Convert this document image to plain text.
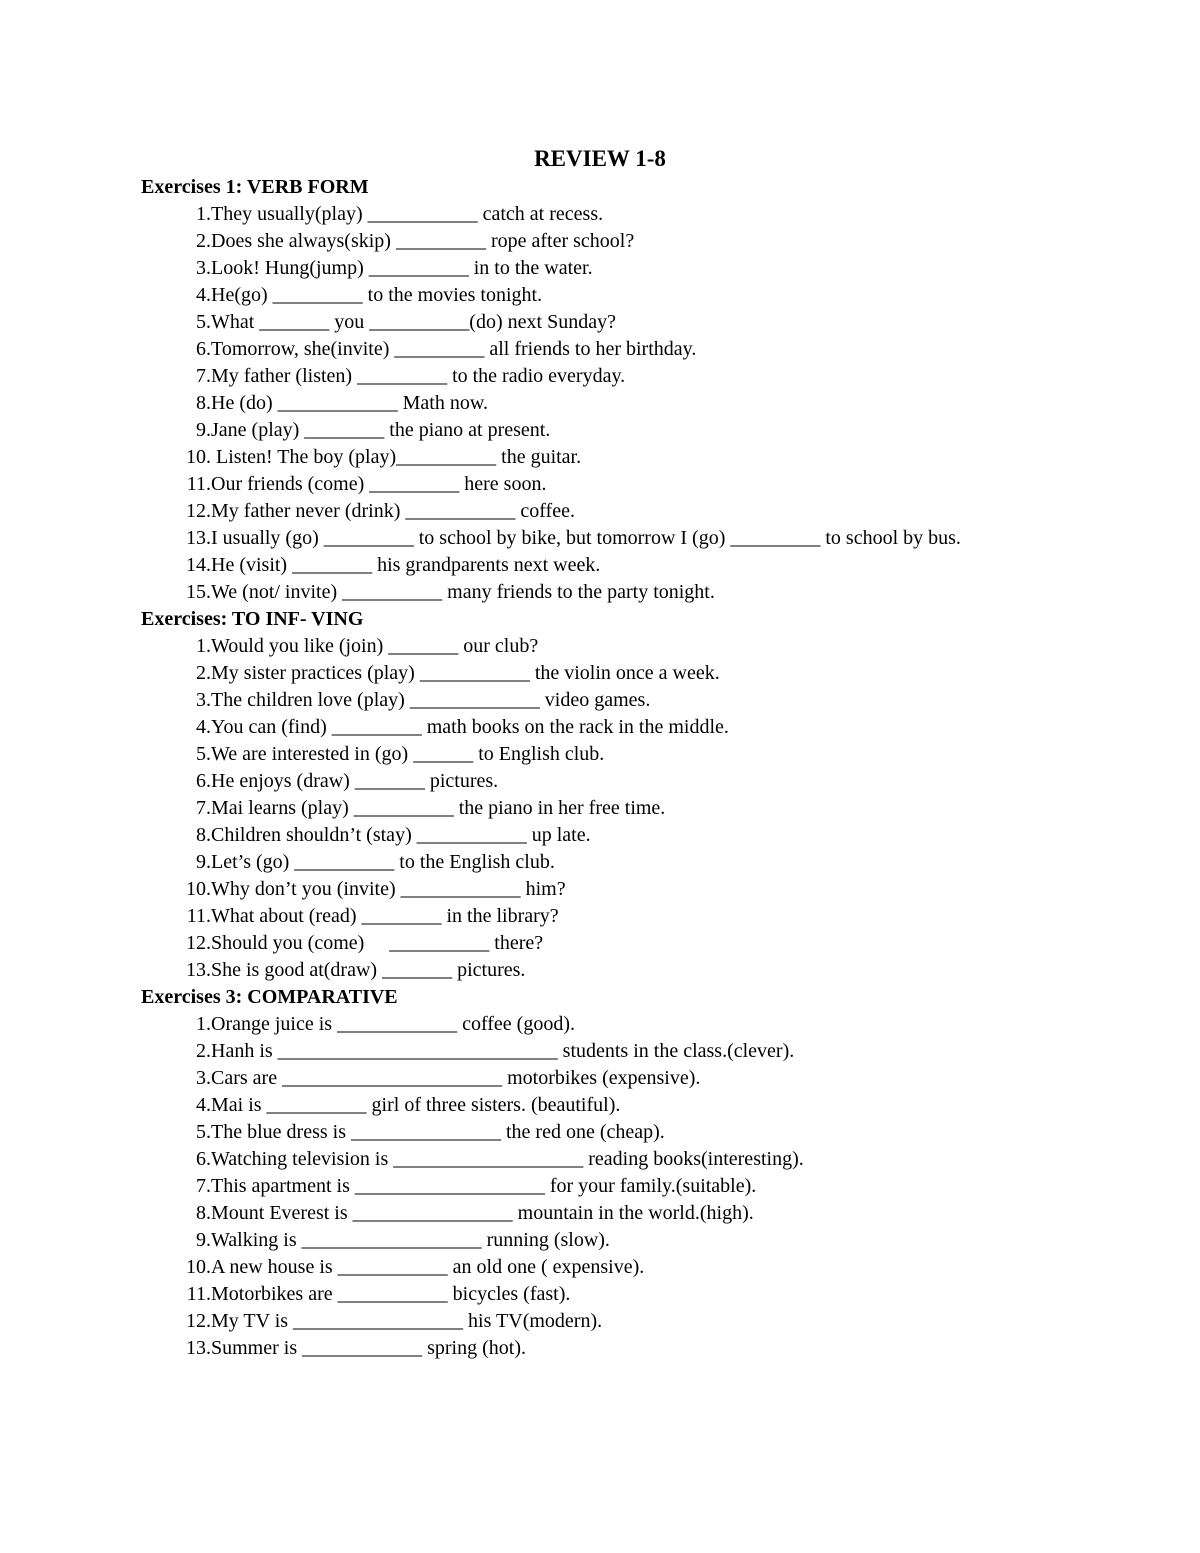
REVIEW 1-8
Exercises 1: VERB FORM
1. They usually(play) ___________ catch at recess.
2. Does she always(skip) _________ rope after school?
3. Look! Hung(jump) __________ in to the water.
4. He(go) _________ to the movies tonight.
5. What _______ you __________(do) next Sunday?
6. Tomorrow, she(invite) _________ all friends to her birthday.
7. My father (listen) _________ to the radio everyday.
8. He (do) ____________ Math now.
9. Jane (play) ________ the piano at present.
10. Listen! The boy (play)__________ the guitar.
11. Our friends (come) _________ here soon.
12. My father never (drink) ___________ coffee.
13. I usually (go) _________ to school by bike, but tomorrow I (go) _________ to school by bus.
14. He (visit) ________ his grandparents next week.
15. We (not/ invite) __________ many friends to the party tonight.
Exercises: TO INF- VING
1. Would you like (join) _______ our club?
2. My sister practices (play) ___________ the violin once a week.
3. The children love (play) _____________ video games.
4. You can (find) _________ math books on the rack in the middle.
5. We are interested in (go) ______ to English club.
6. He enjoys (draw) _______ pictures.
7. Mai learns (play) __________ the piano in her free time.
8. Children shouldn’t (stay) ___________ up late.
9. Let’s (go) __________ to the English club.
10. Why don’t you (invite) ____________ him?
11. What about (read) ________ in the library?
12. Should you (come)     __________ there?
13. She is good at(draw) _______ pictures.
Exercises 3: COMPARATIVE
1. Orange juice is ____________ coffee (good).
2. Hanh is ____________________________ students in the class.(clever).
3. Cars are ______________________ motorbikes (expensive).
4. Mai is __________ girl of three sisters. (beautiful).
5. The blue dress is _______________ the red one (cheap).
6. Watching television is ___________________ reading books(interesting).
7. This apartment is ___________________ for your family.(suitable).
8. Mount Everest is ________________ mountain in the world.(high).
9. Walking is __________________ running (slow).
10. A new house is ___________ an old one ( expensive).
11. Motorbikes are ___________ bicycles (fast).
12. My TV is _________________ his TV(modern).
13. Summer is ____________ spring (hot).
